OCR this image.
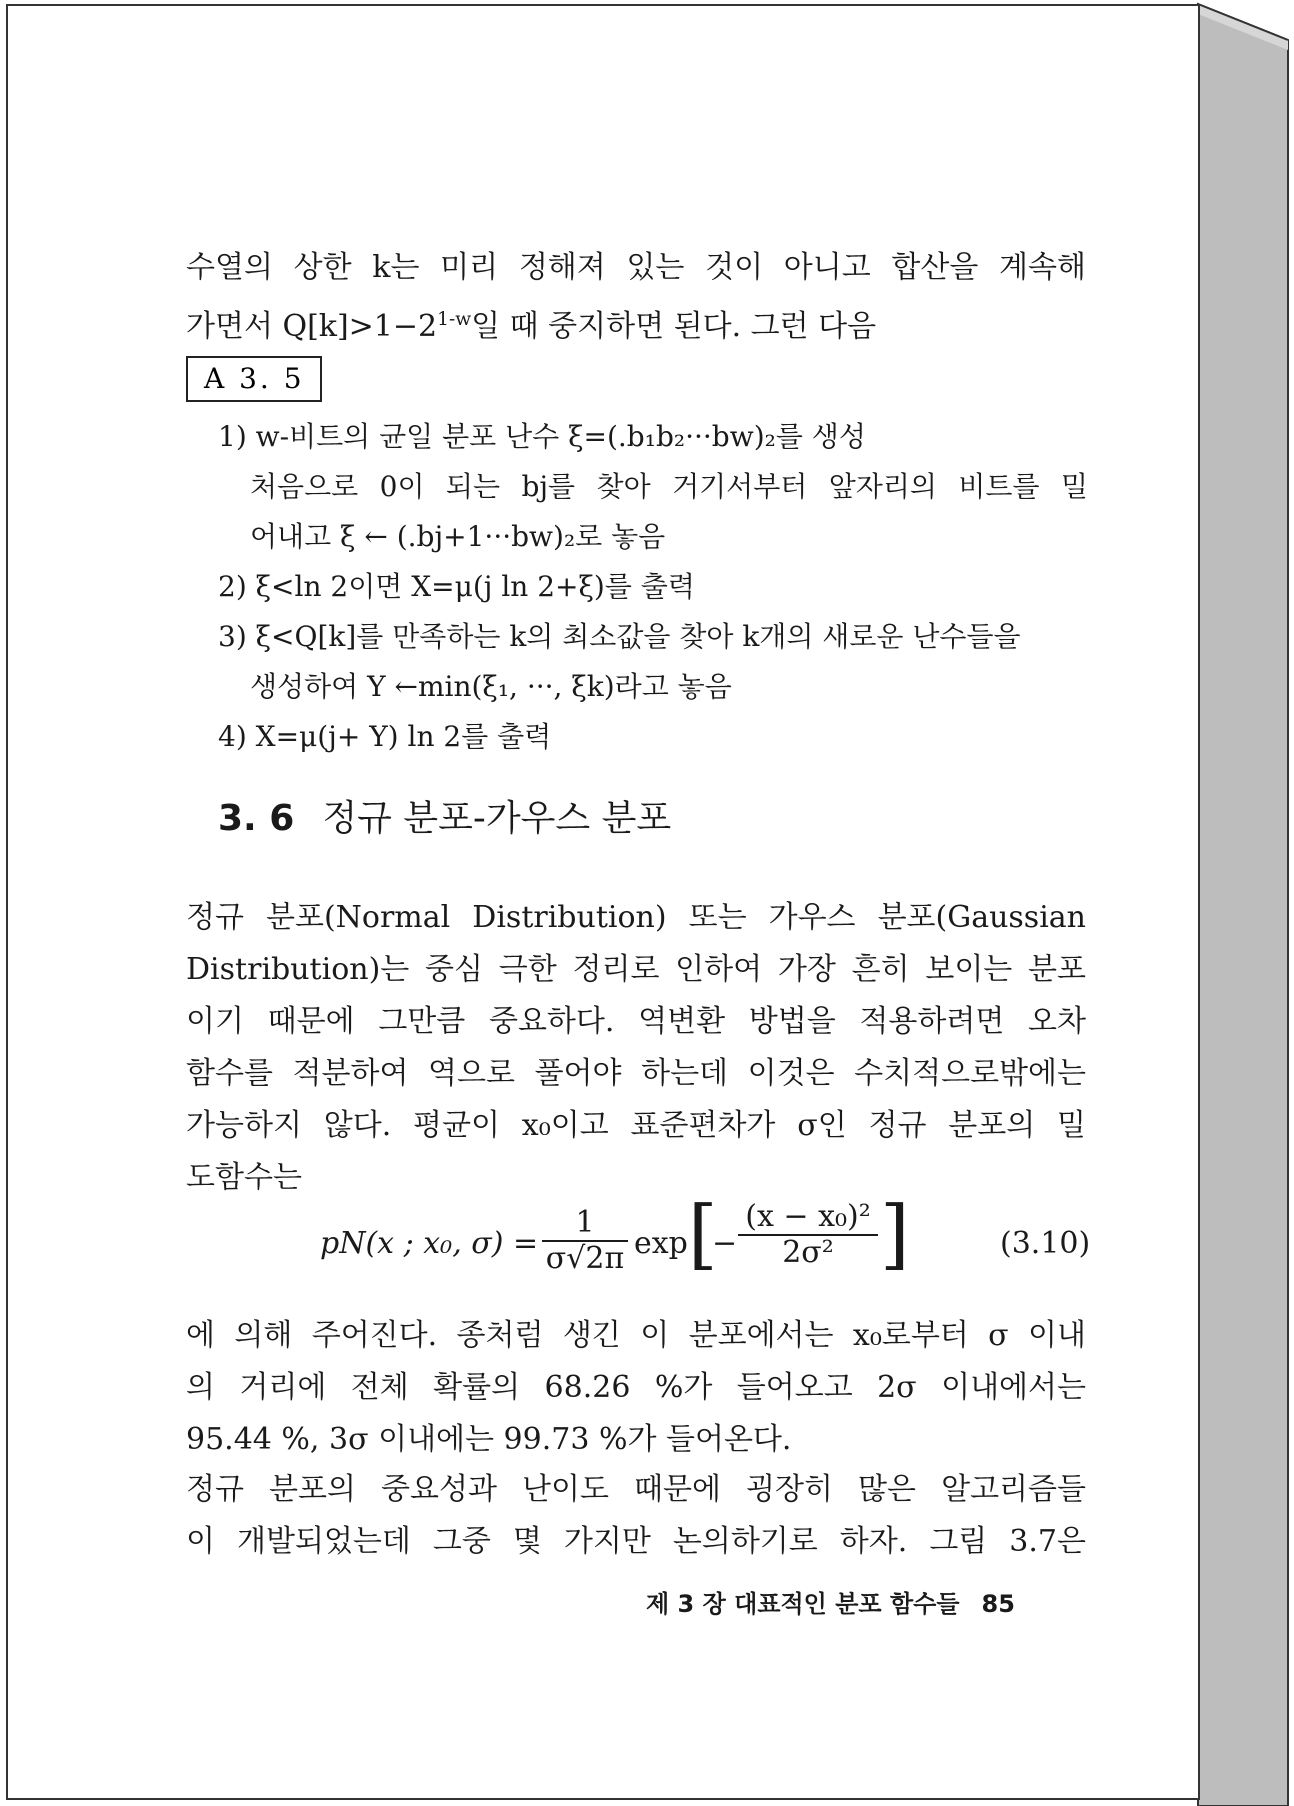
수열의 상한 k는 미리 정해져 있는 것이 아니고 합산을 계속해
가면서 $Q[k]>1-2^{1-w}$일 때 중지하면 된다. 그런 다음
A 3. 5
1) w-비트의 균일 분포 난수 ξ=(.b₁b₂···bw)₂를 생성
처음으로 0이 되는 bj를 찾아 거기서부터 앞자리의 비트를 밀
어내고 ξ ← (.bj+1···bw)₂로 놓음
2) ξ<ln 2이면 X=μ(j ln 2+ξ)를 출력
3) ξ<Q[k]를 만족하는 k의 최소값을 찾아 k개의 새로운 난수들을
생성하여 Y ←min(ξ₁, ···, ξk)라고 놓음
4) X=μ(j+ Y) ln 2를 출력
3. 6 정규 분포-가우스 분포
정규 분포(Normal Distribution) 또는 가우스 분포(Gaussian
Distribution)는 중심 극한 정리로 인하여 가장 흔히 보이는 분포
이기 때문에 그만큼 중요하다. 역변환 방법을 적용하려면 오차
함수를 적분하여 역으로 풀어야 하는데 이것은 수치적으로밖에는
가능하지 않다. 평균이 x₀이고 표준편차가 σ인 정규 분포의 밀
도함수는
pN(x ; x₀, $\sigma) = \frac{1}{\sigma√2\pi}$ exp [
− $\frac{\text{(x − x₀)²}}{\text{2σ²}}$ ]	(3.10)
에 의해 주어진다. 종처럼 생긴 이 분포에서는 x₀로부터 σ 이내
의 거리에 전체 확률의 68.26 %가 들어오고 2σ 이내에서는
95.44 %, 3σ 이내에는 99.73 %가 들어온다.
정규 분포의 중요성과 난이도 때문에 굉장히 많은 알고리즘들
이 개발되었는데 그중 몇 가지만 논의하기로 하자. 그림 3.7은
제 3 장 대표적인 분포 함수들 85
